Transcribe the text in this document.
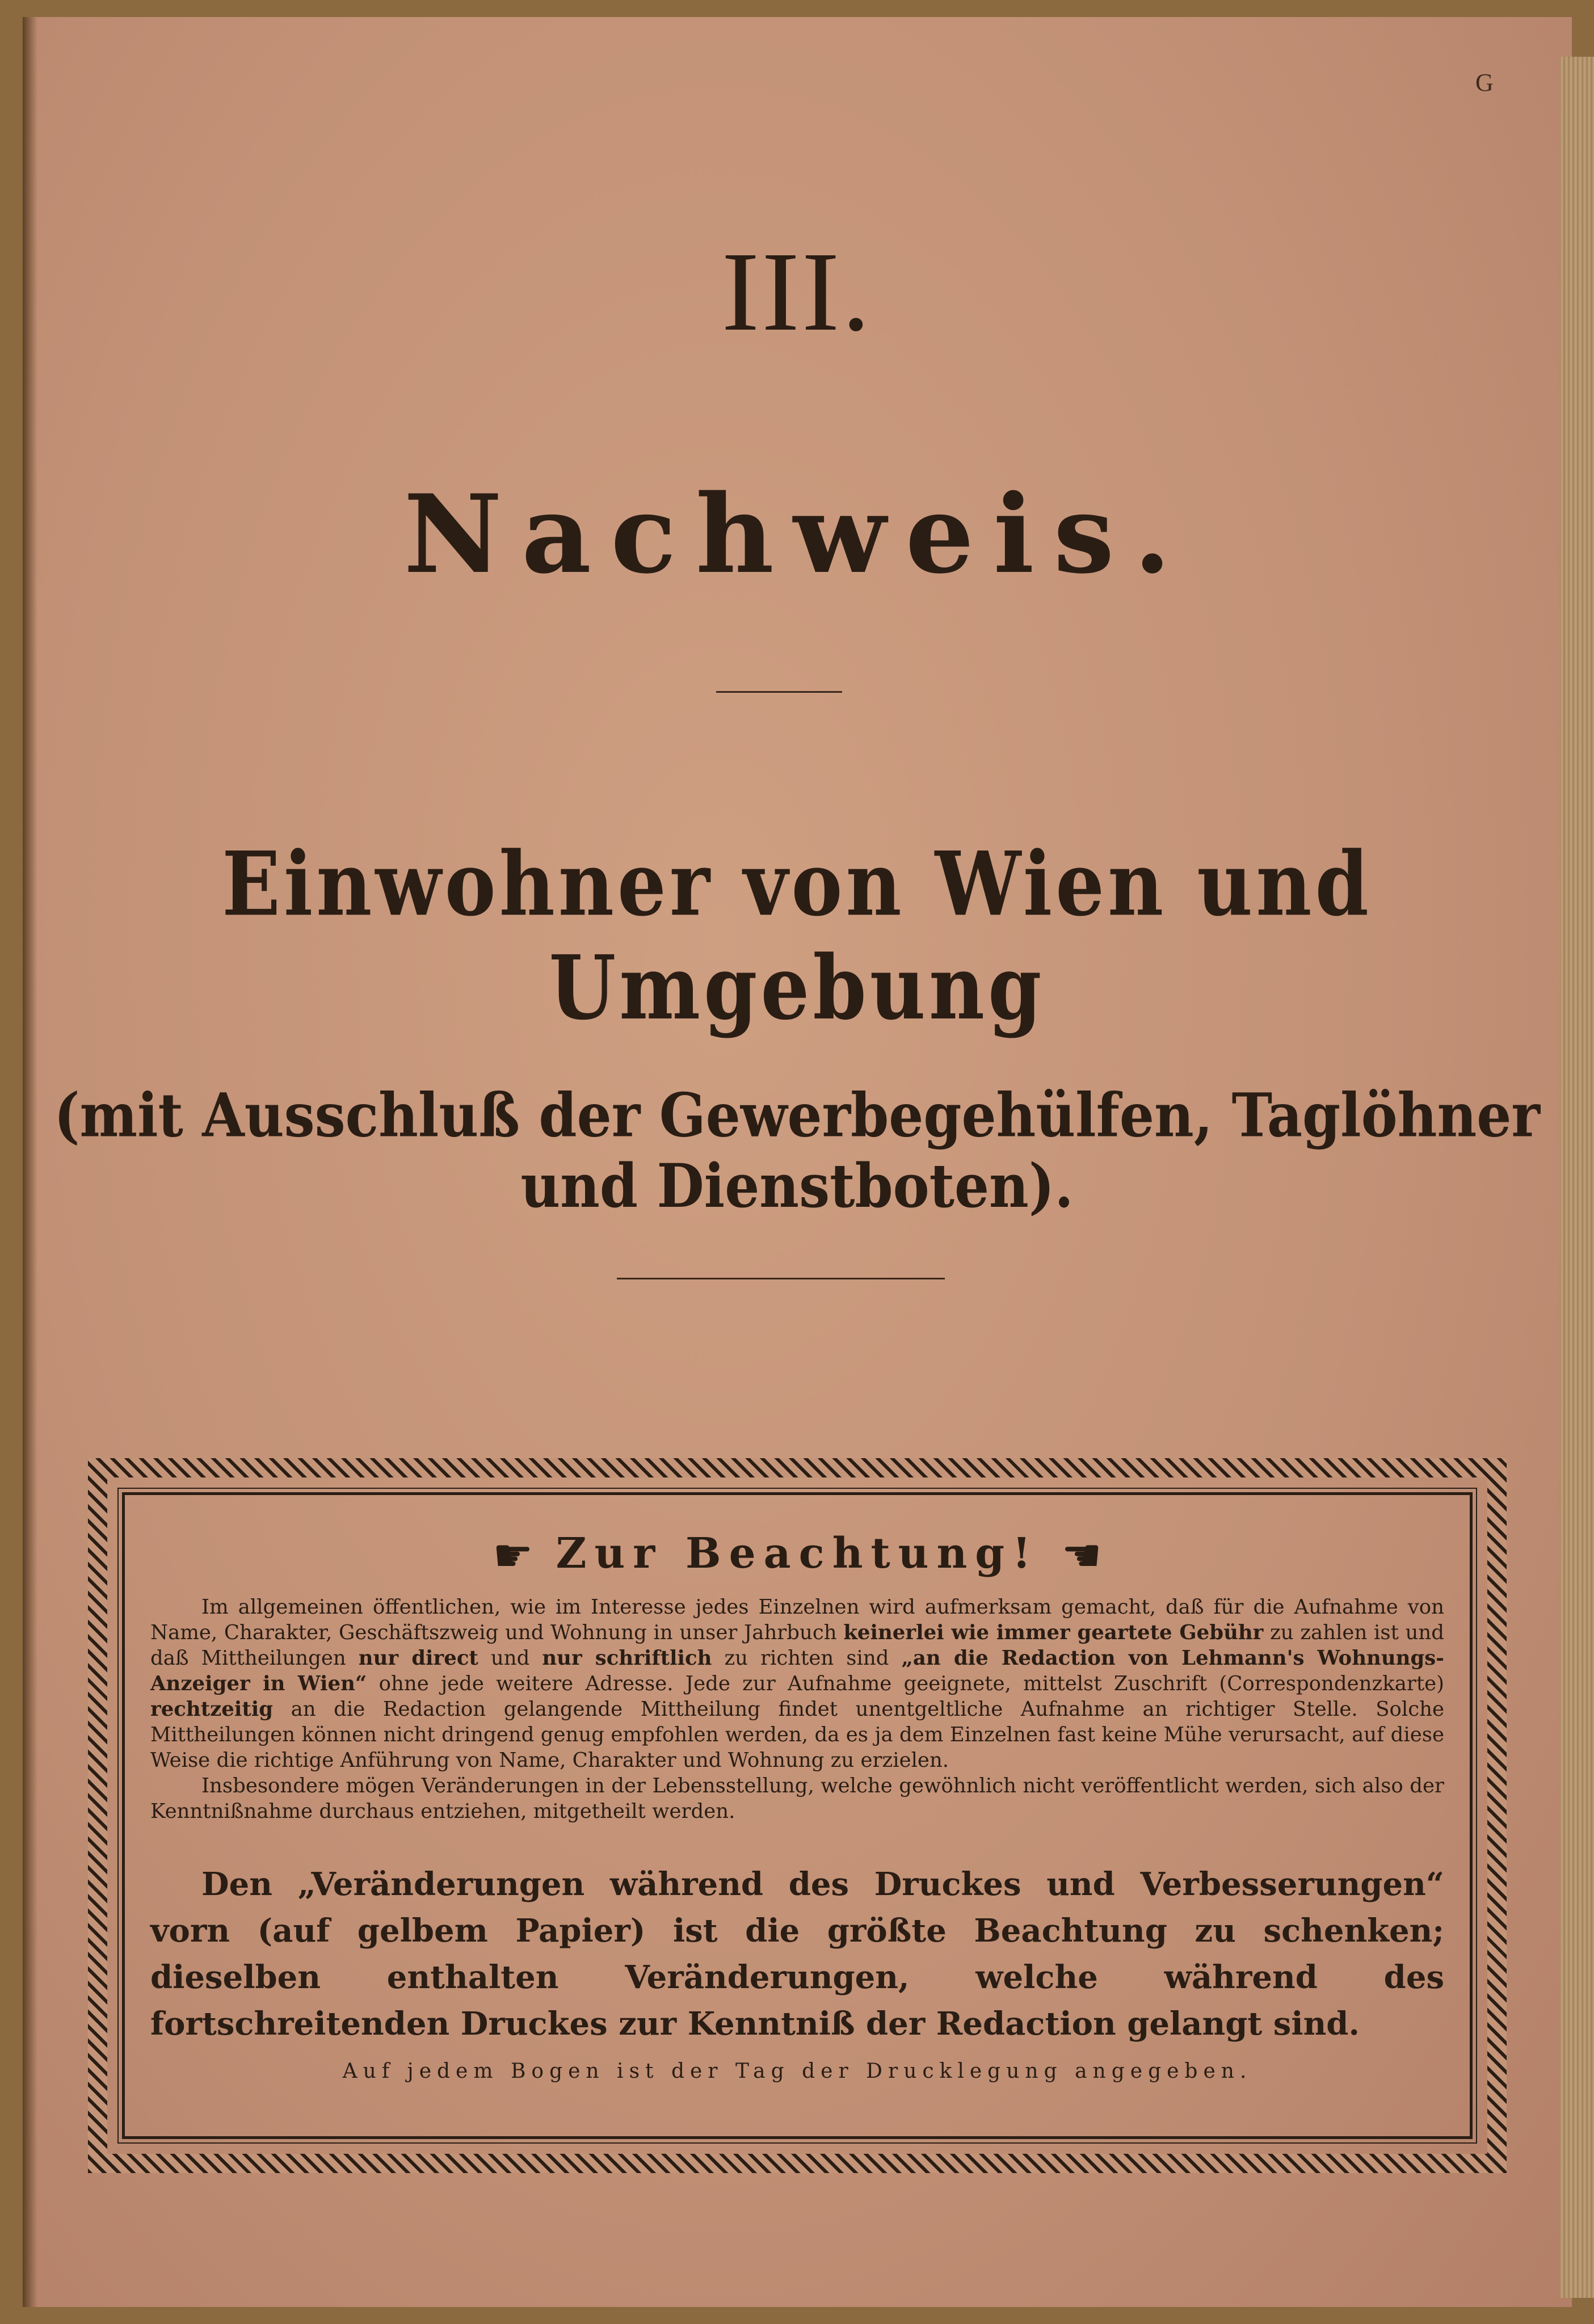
G
III.
Nachweis.
Einwohner von Wien und Umgebung
(mit Ausschluß der Gewerbegehülfen, Taglöhner und Dienstboten).
☛ Zur Beachtung! ☚

Im allgemeinen öffentlichen, wie im Interesse jedes Einzelnen wird aufmerksam gemacht, daß für die Aufnahme von Name, Charakter, Geschäftszweig und Wohnung in unser Jahrbuch keinerlei wie immer geartete Gebühr zu zahlen ist und daß Mittheilungen nur direct und nur schriftlich zu richten sind „an die Redaction von Lehmann's Wohnungs-Anzeiger in Wien“ ohne jede weitere Adresse. Jede zur Aufnahme geeignete, mittelst Zuschrift (Correspondenzkarte) rechtzeitig an die Redaction gelangende Mittheilung findet unentgeltliche Aufnahme an richtiger Stelle. Solche Mittheilungen können nicht dringend genug empfohlen werden, da es ja dem Einzelnen fast keine Mühe verursacht, auf diese Weise die richtige Anführung von Name, Charakter und Wohnung zu erzielen.

Insbesondere mögen Veränderungen in der Lebensstellung, welche gewöhnlich nicht veröffentlicht werden, sich also der Kenntnißnahme durchaus entziehen, mitgetheilt werden.

Den „Veränderungen während des Druckes und Verbesserungen“ vorn (auf gelbem Papier) ist die größte Beachtung zu schenken; dieselben enthalten Veränderungen, welche während des fortschreitenden Druckes zur Kenntniß der Redaction gelangt sind.
Auf jedem Bogen ist der Tag der Drucklegung angegeben.
